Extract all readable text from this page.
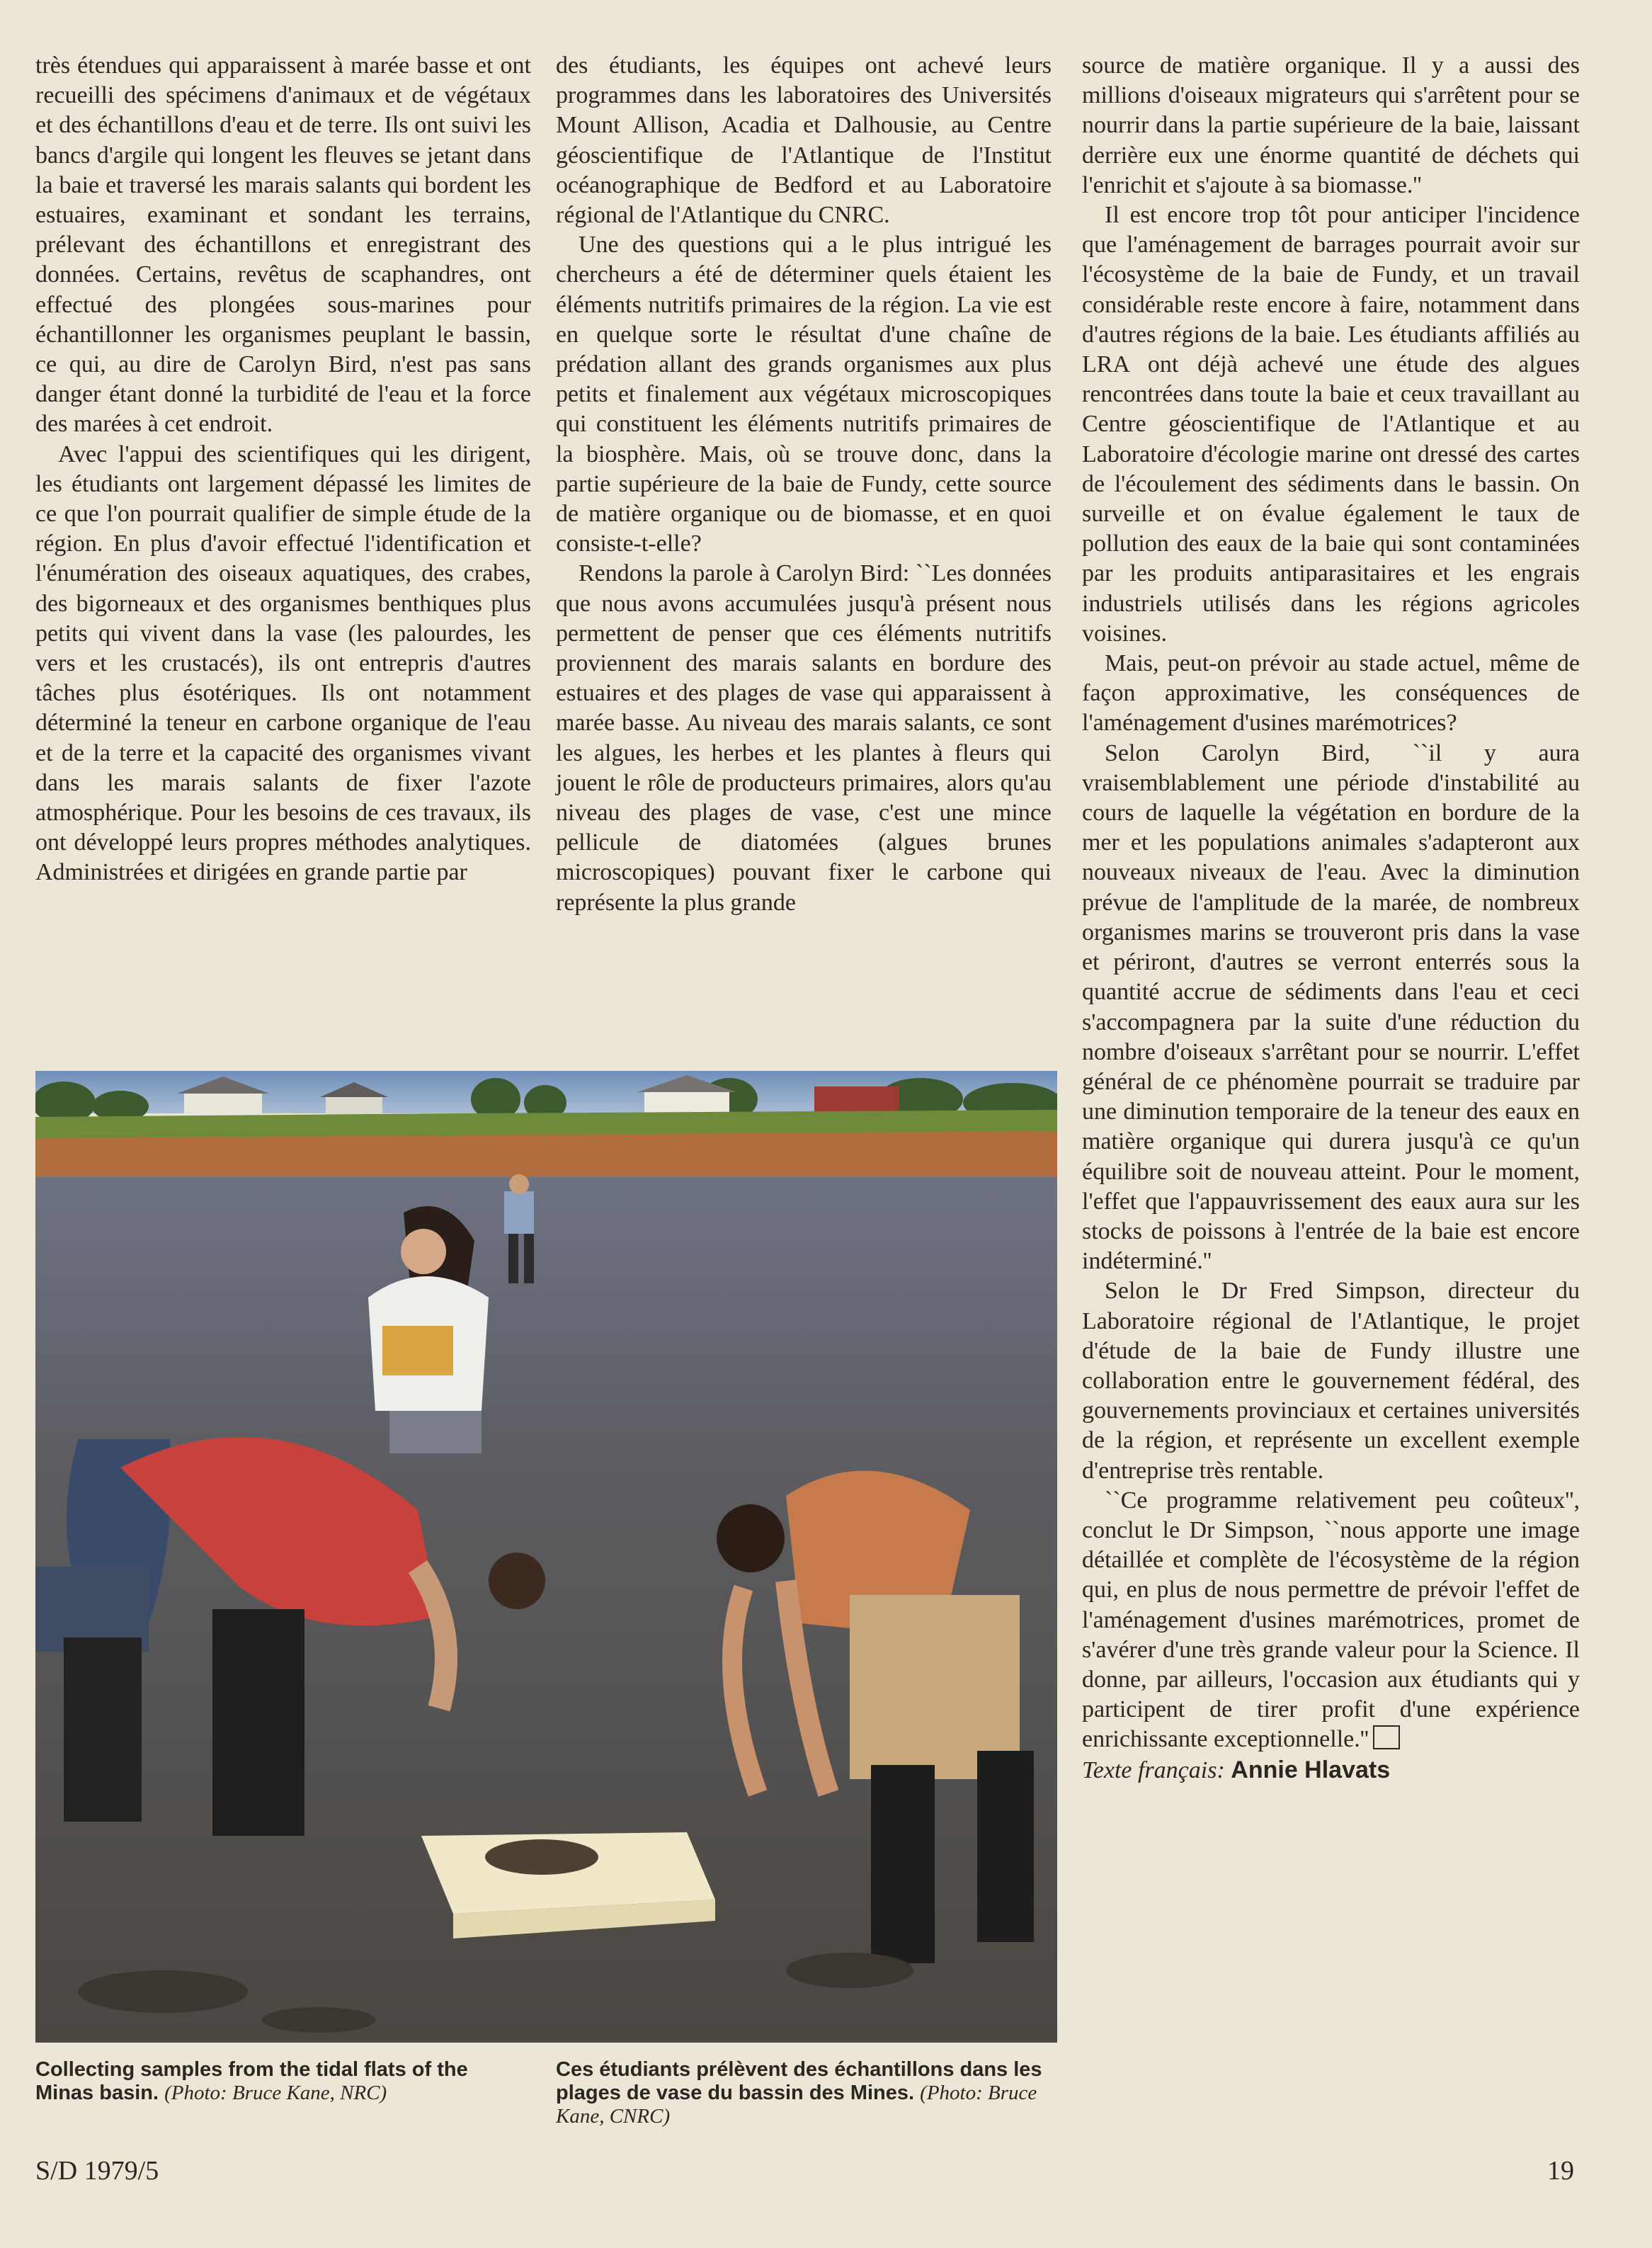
très étendues qui apparaissent à marée basse et ont recueilli des spécimens d'animaux et de végétaux et des échantillons d'eau et de terre. Ils ont suivi les bancs d'argile qui longent les fleuves se jetant dans la baie et traversé les marais salants qui bordent les estuaires, examinant et sondant les terrains, prélevant des échantillons et enregistrant des données. Certains, revêtus de scaphandres, ont effectué des plongées sous-marines pour échantillonner les organismes peuplant le bassin, ce qui, au dire de Carolyn Bird, n'est pas sans danger étant donné la turbidité de l'eau et la force des marées à cet endroit.

Avec l'appui des scientifiques qui les dirigent, les étudiants ont largement dépassé les limites de ce que l'on pourrait qualifier de simple étude de la région. En plus d'avoir effectué l'identification et l'énumération des oiseaux aquatiques, des crabes, des bigorneaux et des organismes benthiques plus petits qui vivent dans la vase (les palourdes, les vers et les crustacés), ils ont entrepris d'autres tâches plus ésotériques. Ils ont notamment déterminé la teneur en carbone organique de l'eau et de la terre et la capacité des organismes vivant dans les marais salants de fixer l'azote atmosphérique. Pour les besoins de ces travaux, ils ont développé leurs propres méthodes analytiques. Administrées et dirigées en grande partie par

des étudiants, les équipes ont achevé leurs programmes dans les laboratoires des Universités Mount Allison, Acadia et Dalhousie, au Centre géoscientifique de l'Atlantique de l'Institut océanographique de Bedford et au Laboratoire régional de l'Atlantique du CNRC.

Une des questions qui a le plus intrigué les chercheurs a été de déterminer quels étaient les éléments nutritifs primaires de la région. La vie est en quelque sorte le résultat d'une chaîne de prédation allant des grands organismes aux plus petits et finalement aux végétaux microscopiques qui constituent les éléments nutritifs primaires de la biosphère. Mais, où se trouve donc, dans la partie supérieure de la baie de Fundy, cette source de matière organique ou de biomasse, et en quoi consiste-t-elle?

Rendons la parole à Carolyn Bird: ``Les données que nous avons accumulées jusqu'à présent nous permettent de penser que ces éléments nutritifs proviennent des marais salants en bordure des estuaires et des plages de vase qui apparaissent à marée basse. Au niveau des marais salants, ce sont les algues, les herbes et les plantes à fleurs qui jouent le rôle de producteurs primaires, alors qu'au niveau des plages de vase, c'est une mince pellicule de diatomées (algues brunes microscopiques) pouvant fixer le carbone qui représente la plus grande

source de matière organique. Il y a aussi des millions d'oiseaux migrateurs qui s'arrêtent pour se nourrir dans la partie supérieure de la baie, laissant derrière eux une énorme quantité de déchets qui l'enrichit et s'ajoute à sa biomasse.''

Il est encore trop tôt pour anticiper l'incidence que l'aménagement de barrages pourrait avoir sur l'écosystème de la baie de Fundy, et un travail considérable reste encore à faire, notamment dans d'autres régions de la baie. Les étudiants affiliés au LRA ont déjà achevé une étude des algues rencontrées dans toute la baie et ceux travaillant au Centre géoscientifique de l'Atlantique et au Laboratoire d'écologie marine ont dressé des cartes de l'écoulement des sédiments dans le bassin. On surveille et on évalue également le taux de pollution des eaux de la baie qui sont contaminées par les produits antiparasitaires et les engrais industriels utilisés dans les régions agricoles voisines.

Mais, peut-on prévoir au stade actuel, même de façon approximative, les conséquences de l'aménagement d'usines marémotrices?

Selon Carolyn Bird, ``il y aura vraisemblablement une période d'instabilité au cours de laquelle la végétation en bordure de la mer et les populations animales s'adapteront aux nouveaux niveaux de l'eau. Avec la diminution prévue de l'amplitude de la marée, de nombreux organismes marins se trouveront pris dans la vase et périront, d'autres se verront enterrés sous la quantité accrue de sédiments dans l'eau et ceci s'accompagnera par la suite d'une réduction du nombre d'oiseaux s'arrêtant pour se nourrir. L'effet général de ce phénomène pourrait se traduire par une diminution temporaire de la teneur des eaux en matière organique qui durera jusqu'à ce qu'un équilibre soit de nouveau atteint. Pour le moment, l'effet que l'appauvrissement des eaux aura sur les stocks de poissons à l'entrée de la baie est encore indéterminé.''

Selon le Dr Fred Simpson, directeur du Laboratoire régional de l'Atlantique, le projet d'étude de la baie de Fundy illustre une collaboration entre le gouvernement fédéral, des gouvernements provinciaux et certaines universités de la région, et représente un excellent exemple d'entreprise très rentable.

``Ce programme relativement peu coûteux'', conclut le Dr Simpson, ``nous apporte une image détaillée et complète de l'écosystème de la région qui, en plus de nous permettre de prévoir l'effet de l'aménagement d'usines marémotrices, promet de s'avérer d'une très grande valeur pour la Science. Il donne, par ailleurs, l'occasion aux étudiants qui y participent de tirer profit d'une expérience enrichissante exceptionnelle.''

Texte français: Annie Hlavats

Collecting samples from the tidal flats of the Minas basin. (Photo: Bruce Kane, NRC)
Ces étudiants prélèvent des échantillons dans les plages de vase du bassin des Mines. (Photo: Bruce Kane, CNRC)
S/D 1979/5	19
